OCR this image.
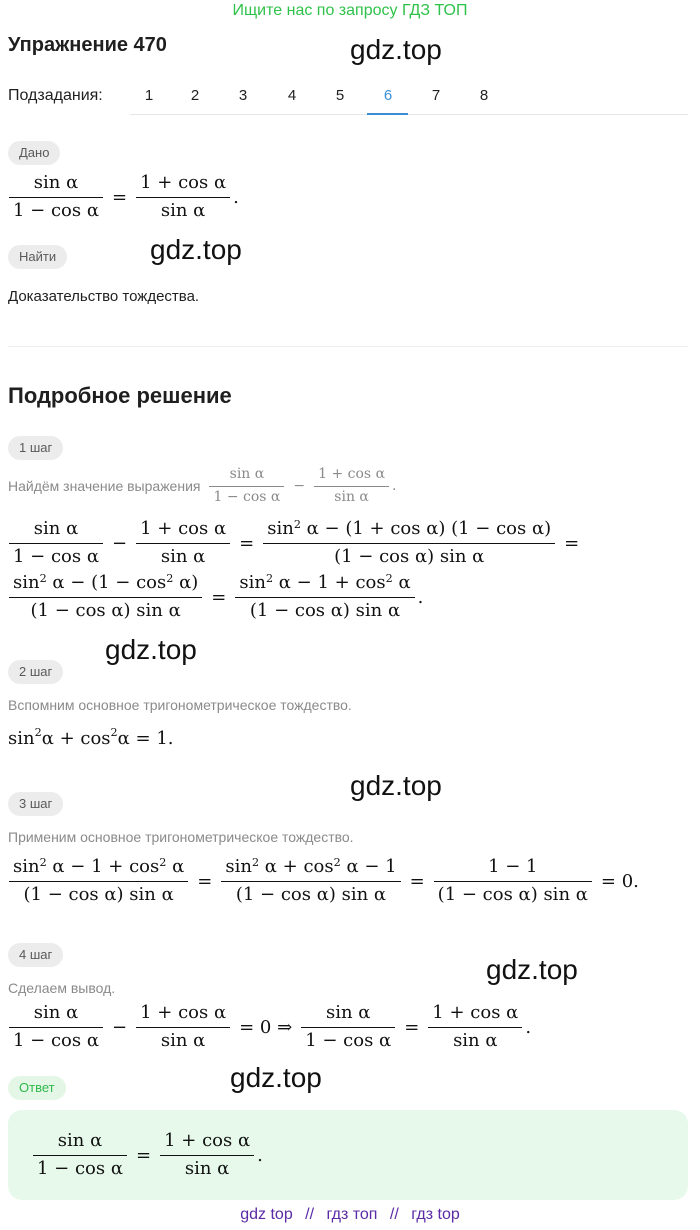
Ищите нас по запросу ГДЗ ТОП
Упражнение 470	gdz.top
gdz.top
gdz.top
gdz.top
gdz.top
gdz.top
Подзадания:	1	2	3	4	5	6	7	8
Дано
$\frac{\text{sin α}}{\text{1 − cos α}} = \frac{\text{1 + cos α}}{\text{sin α}}$ .
Найти
Доказательство тождества.
Подробное решение
1 шаг
Найдём значение выражения $\frac{\text{sin α}}{\text{1 − cos α}} - \frac{\text{1 + cos α}}{\text{sin α}}$ .
$\frac{\text{sin α}}{\text{1 − cos α}} - \frac{\text{1 + cos α}}{\text{sin α}} = \frac{\sin^2 \alpha - (1 + \cos \alpha) (1 - \cos \alpha)}{\text{(1 − cos α) sin α}}$ =
$\frac{\sin^2 \alpha - (1 - \cos^2 \alpha)}{\text{(1 − cos α) sin α}} = \frac{\sin^2 \alpha - 1 + \cos^2 \alpha}{\text{(1 − cos α) sin α}}$ .
2 шаг
Вспомним основное тригонометрическое тождество.
$\sin^2 \alpha + \cos^2 \alpha = 1$.
3 шаг
Применим основное тригонометрическое тождество.
$\frac{\sin^2 \alpha - 1 + \cos^2 \alpha}{\text{(1 − cos α) sin α}} = \frac{\sin^2 \alpha + \cos^2 \alpha - 1}{\text{(1 − cos α) sin α}} = \frac{1 - 1}{\text{(1 − cos α) sin α}} = 0$.
4 шаг
Сделаем вывод.
$\frac{\text{sin α}}{\text{1 − cos α}} - \frac{\text{1 + cos α}}{\text{sin α}} = 0$ ⇒ $\frac{\text{sin α}}{\text{1 − cos α}} = \frac{\text{1 + cos α}}{\text{sin α}}$ .
Ответ
$\frac{\text{sin α}}{\text{1 − cos α}} = \frac{\text{1 + cos α}}{\text{sin α}}$ .
gdz top // гдз топ // гдз top
